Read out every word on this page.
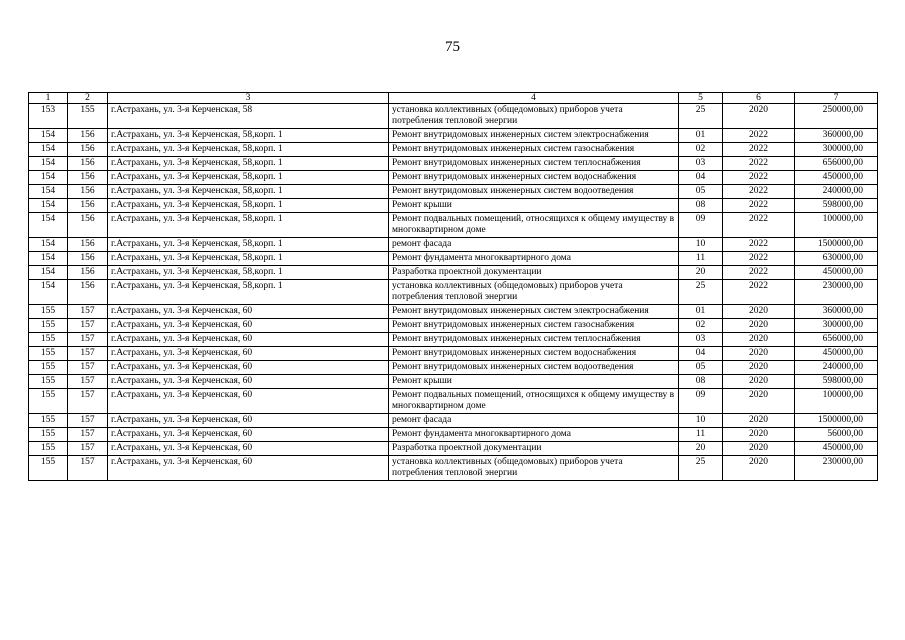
75
1	2	3	4	5	6	7
153	155	г.Астрахань, ул. 3-я Керченская, 58	установка коллективных (общедомовых) приборов учета потребления тепловой энергии	25	2020	250000,00
154	156	г.Астрахань, ул. 3-я Керченская, 58,корп. 1	Ремонт внутридомовых инженерных систем электроснабжения	01	2022	360000,00
154	156	г.Астрахань, ул. 3-я Керченская, 58,корп. 1	Ремонт внутридомовых инженерных систем газоснабжения	02	2022	300000,00
154	156	г.Астрахань, ул. 3-я Керченская, 58,корп. 1	Ремонт внутридомовых инженерных систем теплоснабжения	03	2022	656000,00
154	156	г.Астрахань, ул. 3-я Керченская, 58,корп. 1	Ремонт внутридомовых инженерных систем водоснабжения	04	2022	450000,00
154	156	г.Астрахань, ул. 3-я Керченская, 58,корп. 1	Ремонт внутридомовых инженерных систем водоотведения	05	2022	240000,00
154	156	г.Астрахань, ул. 3-я Керченская, 58,корп. 1	Ремонт крыши	08	2022	598000,00
154	156	г.Астрахань, ул. 3-я Керченская, 58,корп. 1	Ремонт подвальных помещений, относящихся к общему имуществу в многоквартирном доме	09	2022	100000,00
154	156	г.Астрахань, ул. 3-я Керченская, 58,корп. 1	ремонт фасада	10	2022	1500000,00
154	156	г.Астрахань, ул. 3-я Керченская, 58,корп. 1	Ремонт фундамента многоквартирного дома	11	2022	630000,00
154	156	г.Астрахань, ул. 3-я Керченская, 58,корп. 1	Разработка проектной документации	20	2022	450000,00
154	156	г.Астрахань, ул. 3-я Керченская, 58,корп. 1	установка коллективных (общедомовых) приборов учета потребления тепловой энергии	25	2022	230000,00
155	157	г.Астрахань, ул. 3-я Керченская, 60	Ремонт внутридомовых инженерных систем электроснабжения	01	2020	360000,00
155	157	г.Астрахань, ул. 3-я Керченская, 60	Ремонт внутридомовых инженерных систем газоснабжения	02	2020	300000,00
155	157	г.Астрахань, ул. 3-я Керченская, 60	Ремонт внутридомовых инженерных систем теплоснабжения	03	2020	656000,00
155	157	г.Астрахань, ул. 3-я Керченская, 60	Ремонт внутридомовых инженерных систем водоснабжения	04	2020	450000,00
155	157	г.Астрахань, ул. 3-я Керченская, 60	Ремонт внутридомовых инженерных систем водоотведения	05	2020	240000,00
155	157	г.Астрахань, ул. 3-я Керченская, 60	Ремонт крыши	08	2020	598000,00
155	157	г.Астрахань, ул. 3-я Керченская, 60	Ремонт подвальных помещений, относящихся к общему имуществу в многоквартирном доме	09	2020	100000,00
155	157	г.Астрахань, ул. 3-я Керченская, 60	ремонт фасада	10	2020	1500000,00
155	157	г.Астрахань, ул. 3-я Керченская, 60	Ремонт фундамента многоквартирного дома	11	2020	56000,00
155	157	г.Астрахань, ул. 3-я Керченская, 60	Разработка проектной документации	20	2020	450000,00
155	157	г.Астрахань, ул. 3-я Керченская, 60	установка коллективных (общедомовых) приборов учета потребления тепловой энергии	25	2020	230000,00
